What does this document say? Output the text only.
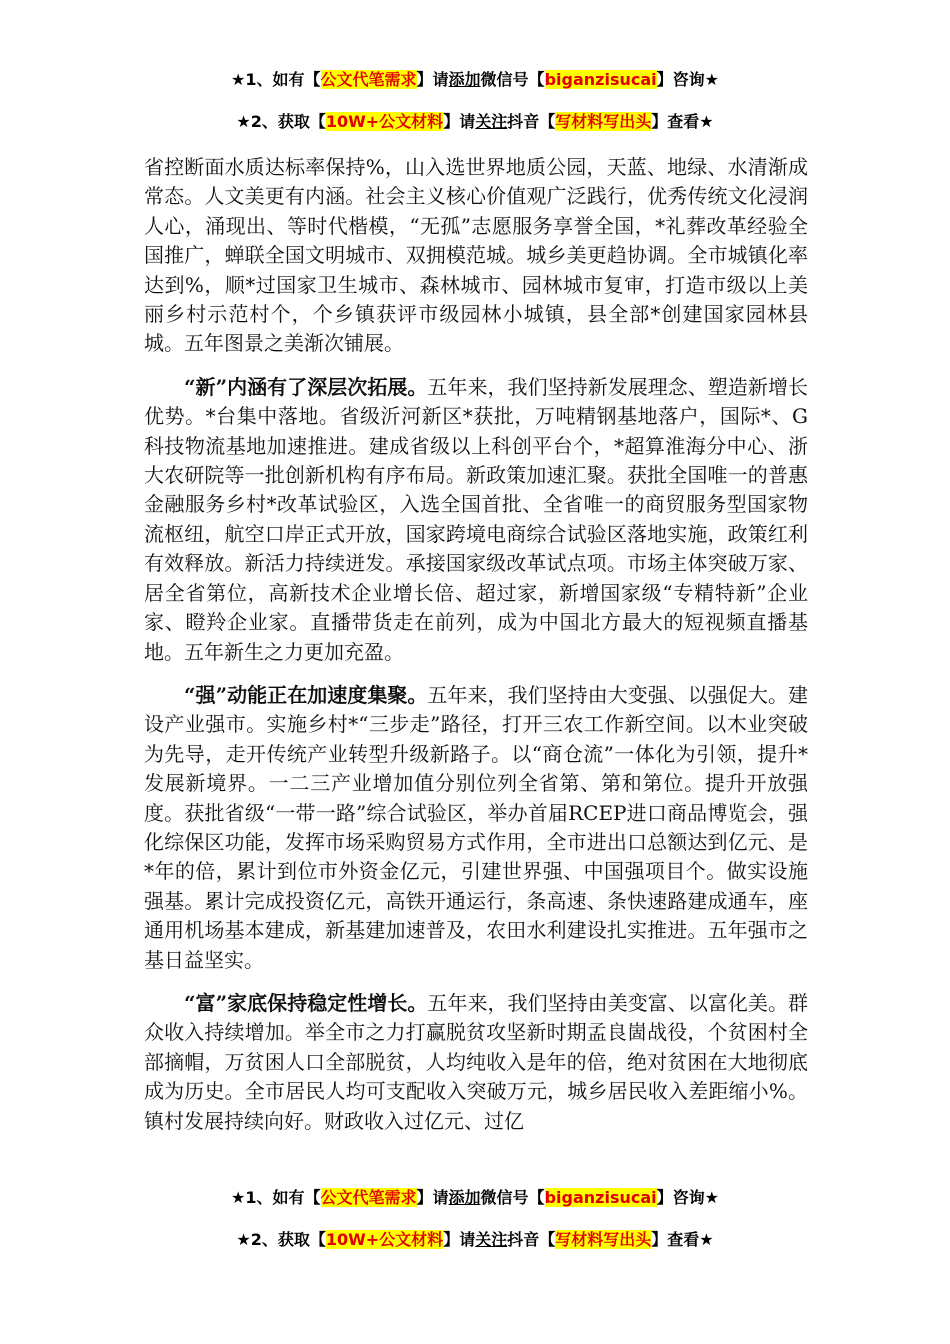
★1、如有【公文代笔需求】请添加微信号【biganzisucai】咨询★
★2、获取【10W+公文材料】请关注抖音【写材料写出头】查看★

省控断面水质达标率保持%，山入选世界地质公园，天蓝、地绿、水清渐成常态。人文美更有内涵。社会主义核心价值观广泛践行，优秀传统文化浸润人心，涌现出、等时代楷模，“无孤”志愿服务享誉全国，*礼葬改革经验全国推广，蝉联全国文明城市、双拥模范城。城乡美更趋协调。全市城镇化率达到%，顺*过国家卫生城市、森林城市、园林城市复审，打造市级以上美丽乡村示范村个，个乡镇获评市级园林小城镇，县全部*创建国家园林县城。五年图景之美渐次铺展。

“新”内涵有了深层次拓展。五年来，我们坚持新发展理念、塑造新增长优势。*台集中落地。省级沂河新区*获批，万吨精钢基地落户，国际*、G科技物流基地加速推进。建成省级以上科创平台个，*超算淮海分中心、浙大农研院等一批创新机构有序布局。新政策加速汇聚。获批全国唯一的普惠金融服务乡村*改革试验区，入选全国首批、全省唯一的商贸服务型国家物流枢纽，航空口岸正式开放，国家跨境电商综合试验区落地实施，政策红利有效释放。新活力持续迸发。承接国家级改革试点项。市场主体突破万家、居全省第位，高新技术企业增长倍、超过家，新增国家级“专精特新”企业家、瞪羚企业家。直播带货走在前列，成为中国北方最大的短视频直播基地。五年新生之力更加充盈。

“强”动能正在加速度集聚。五年来，我们坚持由大变强、以强促大。建设产业强市。实施乡村*“三步走”路径，打开三农工作新空间。以木业突破为先导，走开传统产业转型升级新路子。以“商仓流”一体化为引领，提升*发展新境界。一二三产业增加值分别位列全省第、第和第位。提升开放强度。获批省级“一带一路”综合试验区，举办首届RCEP进口商品博览会，强化综保区功能，发挥市场采购贸易方式作用，全市进出口总额达到亿元、是*年的倍，累计到位市外资金亿元，引建世界强、中国强项目个。做实设施强基。累计完成投资亿元，高铁开通运行，条高速、条快速路建成通车，座通用机场基本建成，新基建加速普及，农田水利建设扎实推进。五年强市之基日益坚实。

“富”家底保持稳定性增长。五年来，我们坚持由美变富、以富化美。群众收入持续增加。举全市之力打赢脱贫攻坚新时期孟良崮战役，个贫困村全部摘帽，万贫困人口全部脱贫，人均纯收入是年的倍，绝对贫困在大地彻底成为历史。全市居民人均可支配收入突破万元，城乡居民收入差距缩小%。镇村发展持续向好。财政收入过亿元、过亿

★1、如有【公文代笔需求】请添加微信号【biganzisucai】咨询★
★2、获取【10W+公文材料】请关注抖音【写材料写出头】查看★
